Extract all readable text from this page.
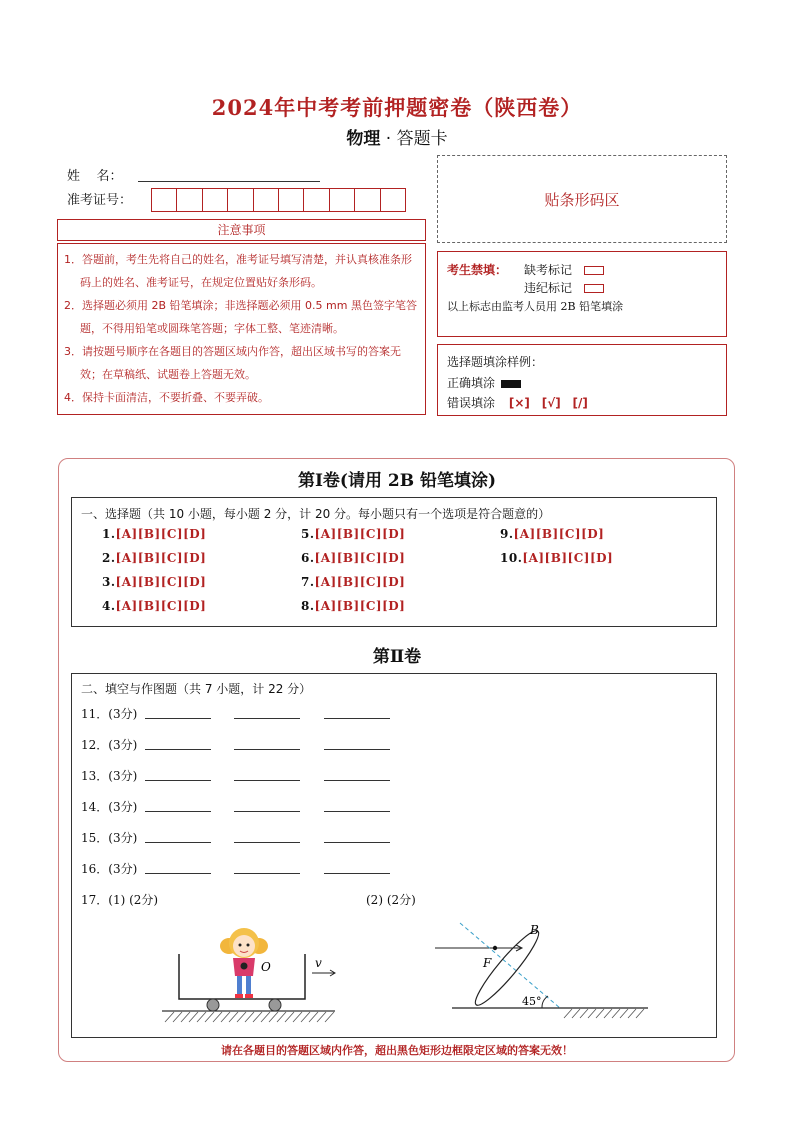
2024年中考考前押题密卷（陕西卷）
物理 · 答题卡
姓    名：
准考证号：	贴条形码区
注意事项
1．答题前，考生先将自己的姓名，准考证号填写清楚，并认真核准条形码上的姓名、准考证号，在规定位置贴好条形码。
2．选择题必须用 2B 铅笔填涂；非选择题必须用 0.5 mm 黑色签字笔答题，不得用铅笔或圆珠笔答题；字体工整、笔迹清晰。
3．请按题号顺序在各题目的答题区域内作答，超出区域书写的答案无效；在草稿纸、试题卷上答题无效。
4．保持卡面清洁，不要折叠、不要弄破。
考生禁填： 缺考标记
违纪标记
以上标志由监考人员用 2B 铅笔填涂
选择题填涂样例：
正确填涂
错误填涂 [×] [√] [/]
第Ⅰ卷(请用 2B 铅笔填涂)
一、选择题（共 10 小题，每小题 2 分，计 20 分。每小题只有一个选项是符合题意的）
1.[A][B][C][D]
2.[A][B][C][D]
3.[A][B][C][D]
4.[A][B][C][D]
5.[A][B][C][D]
6.[A][B][C][D]
7.[A][B][C][D]
8.[A][B][C][D]
9.[A][B][C][D]
10.[A][B][C][D]
第Ⅱ卷
二、填空与作图题（共 7 小题，计 22 分）
11．(3分)
12．(3分)
13．(3分)
14．(3分)
15．(3分)
16．(3分)
17．(1) (2分)	(2) (2分)
O	v
B
F
45°
请在各题目的答题区域内作答，超出黑色矩形边框限定区域的答案无效！
